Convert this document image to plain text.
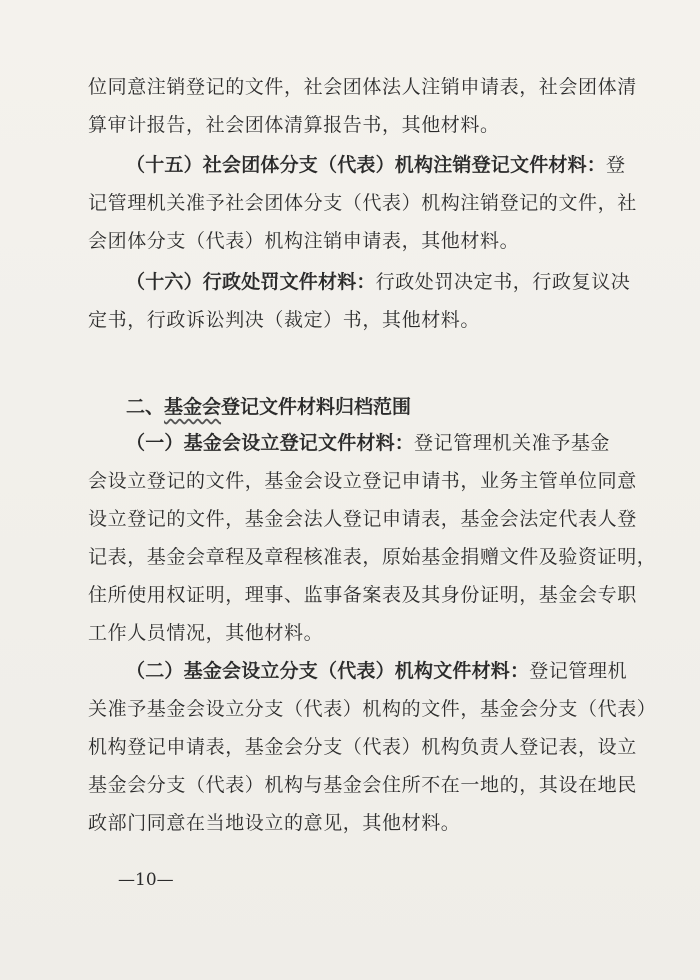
位同意注销登记的文件，社会团体法人注销申请表，社会团体清
算审计报告，社会团体清算报告书，其他材料。
（十五）社会团体分支（代表）机构注销登记文件材料：登
记管理机关准予社会团体分支（代表）机构注销登记的文件，社
会团体分支（代表）机构注销申请表，其他材料。
（十六）行政处罚文件材料：行政处罚决定书，行政复议决
定书，行政诉讼判决（裁定）书，其他材料。
二、基金会登记文件材料归档范围
（一）基金会设立登记文件材料：登记管理机关准予基金
会设立登记的文件，基金会设立登记申请书，业务主管单位同意
设立登记的文件，基金会法人登记申请表，基金会法定代表人登
记表，基金会章程及章程核准表，原始基金捐赠文件及验资证明，
住所使用权证明，理事、监事备案表及其身份证明，基金会专职
工作人员情况，其他材料。
（二）基金会设立分支（代表）机构文件材料：登记管理机
关准予基金会设立分支（代表）机构的文件，基金会分支（代表）
机构登记申请表，基金会分支（代表）机构负责人登记表，设立
基金会分支（代表）机构与基金会住所不在一地的，其设在地民
政部门同意在当地设立的意见，其他材料。
—10—
